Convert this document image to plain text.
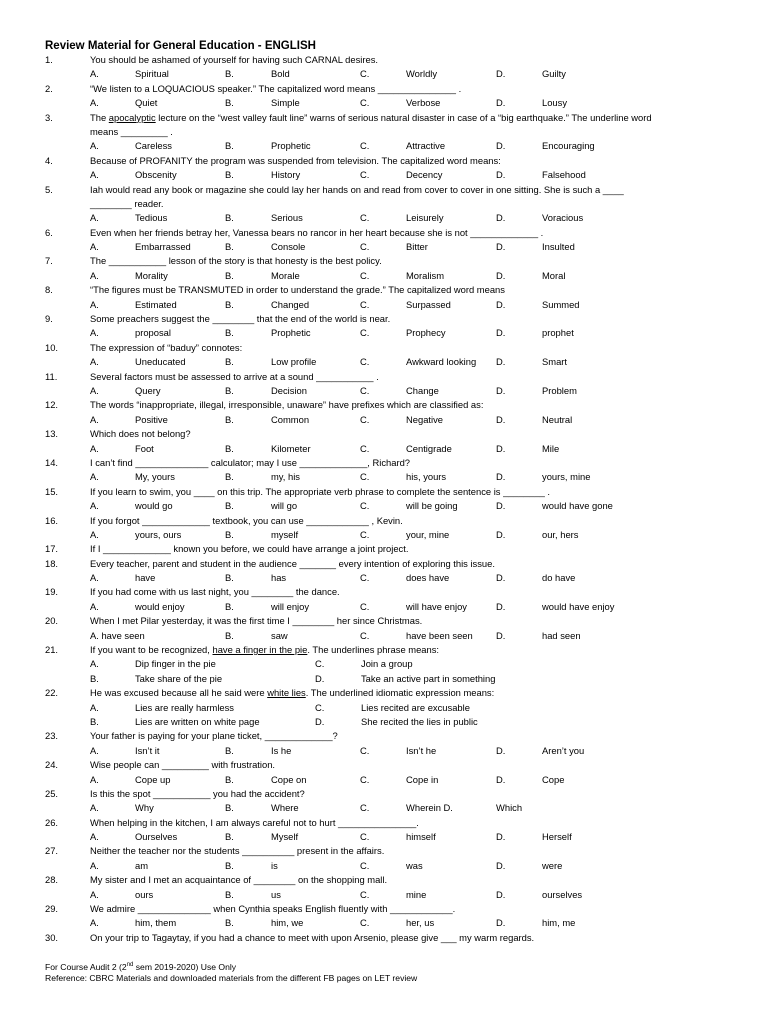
Review Material for General Education - ENGLISH
1.	You should be ashamed of yourself for having such CARNAL desires.
A.	Spiritual	B.	Bold	C.	Worldly	D.	Guilty
2.	“We listen to a LOQUACIOUS speaker.” The capitalized word means _______________ .
A.	Quiet	B.	Simple	C.	Verbose	D.	Lousy
3.	The apocalyptic lecture on the “west valley fault line” warns of serious natural disaster in case of a “big earthquake.” The underline word
means _________ .
A.	Careless	B.	Prophetic	C.	Attractive	D.	Encouraging
4.	Because of PROFANITY the program was suspended from television. The capitalized word means:
A.	Obscenity	B.	History	C.	Decency	D.	Falsehood
5.	Iah would read any book or magazine she could lay her hands on and read from cover to cover in one sitting. She is such a ____
________ reader.
A.	Tedious	B.	Serious	C.	Leisurely	D.	Voracious
6.	Even when her friends betray her, Vanessa bears no rancor in her heart because she is not _____________ .
A.	Embarrassed	B.	Console	C.	Bitter	D.	Insulted
7.	The ___________ lesson of the story is that honesty is the best policy.
A.	Morality	B.	Morale	C.	Moralism	D.	Moral
8.	“The figures must be TRANSMUTED in order to understand the grade.” The capitalized word means
A.	Estimated	B.	Changed	C.	Surpassed	D.	Summed
9.	Some preachers suggest the ________ that the end of the world is near.
A.	proposal	B.	Prophetic	C.	Prophecy	D.	prophet
10.	The expression of “baduy” connotes:
A.	Uneducated	B.	Low profile	C.	Awkward looking D.	Smart
11.	Several factors must be assessed to arrive at a sound ___________ .
A.	Query	B.	Decision	C.	Change	D.	Problem
12.	The words “inappropriate, illegal, irresponsible, unaware” have prefixes which are classified as:
A.	Positive	B.	Common	C.	Negative	D.	Neutral
13.	Which does not belong?
A.	Foot	B.	Kilometer	C.	Centigrade	D.	Mile
14.	I can’t find ______________ calculator; may I use _____________, Richard?
A.	My, yours	B.	my, his	C.	his, yours	D.	yours, mine
15.	If you learn to swim, you ____ on this trip. The appropriate verb phrase to complete the sentence is ________ .
A.	would go	B.	will go	C.	will be going	D.	would have gone
16.	If you forgot _____________ textbook, you can use ____________ , Kevin.
A.	yours, ours	B.	myself	C.	your, mine	D.	our, hers
17.	If I _____________ known you before, we could have arrange a joint project.
18.	Every teacher, parent and student in the audience _______ every intention of exploring this issue.
A.	have	B.	has	C.	does have	D.	do have
19.	If you had come with us last night, you ________ the dance.
A.	would enjoy	B.	will enjoy	C.	will have enjoy	D.	would have enjoy
20.	When I met Pilar yesterday, it was the first time I ________ her since Christmas.
A. have seen	B.	saw	C.	have been seen D.	had seen
21.	If you want to be recognized, have a finger in the pie. The underlines phrase means:
A.	Dip finger in the pie	C.	Join a group
B.	Take share of the pie	D.	Take an active part in something
22.	He was excused because all he said were white lies. The underlined idiomatic expression means:
A.	Lies are really harmless	C.	Lies recited are excusable
B.	Lies are written on white page	D.	She recited the lies in public
23.	Your father is paying for your plane ticket, _____________?
A.	Isn’t it	B.	Is he	C.	Isn’t he	D.	Aren’t you
24.	Wise people can _________ with frustration.
A.	Cope up	B.	Cope on	C.	Cope in	D.	Cope
25.	Is this the spot ___________ you had the accident?
A.	Why	B.	Where	C.	Wherein D.	Which
26.	When helping in the kitchen, I am always careful not to hurt _______________.
A.	Ourselves	B.	Myself	C.	himself	D.	Herself
27.	Neither the teacher nor the students __________ present in the affairs.
A.	am	B.	is	C.	was	D.	were
28.	My sister and I met an acquaintance of ________ on the shopping mall.
A.	ours	B.	us	C.	mine	D.	ourselves
29.	We admire ______________ when Cynthia speaks English fluently with ____________.
A.	him, them	B.	him, we	C.	her, us	D.	him, me
30.	On your trip to Tagaytay, if you had a chance to meet with upon Arsenio, please give ___ my warm regards.
For Course Audit 2 (2nd sem 2019-2020) Use Only
Reference: CBRC Materials and downloaded materials from the different FB pages on LET review
